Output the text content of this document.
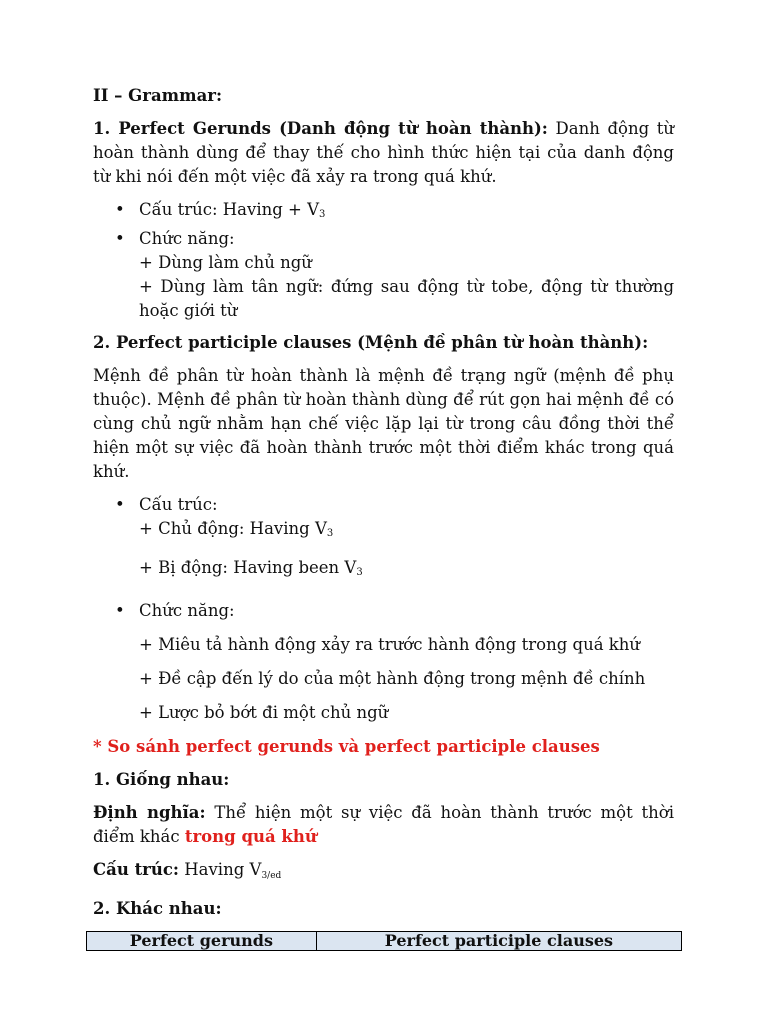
II – Grammar:

1. Perfect Gerunds (Danh động từ hoàn thành): Danh động từ hoàn thành dùng để thay thế cho hình thức hiện tại của danh động từ khi nói đến một việc đã xảy ra trong quá khứ.

• Cấu trúc: Having + $V_3$
• Chức năng:
+ Dùng làm chủ ngữ
+ Dùng làm tân ngữ: đứng sau động từ tobe, động từ thường hoặc giới từ

2. Perfect participle clauses (Mệnh đề phân từ hoàn thành):

Mệnh đề phân từ hoàn thành là mệnh đề trạng ngữ (mệnh đề phụ thuộc). Mệnh đề phân từ hoàn thành dùng để rút gọn hai mệnh đề có cùng chủ ngữ nhằm hạn chế việc lặp lại từ trong câu đồng thời thể hiện một sự việc đã hoàn thành trước một thời điểm khác trong quá khứ.

• Cấu trúc:
+ Chủ động: Having $V_3$
+ Bị động: Having been $V_3$
• Chức năng:
+ Miêu tả hành động xảy ra trước hành động trong quá khứ
+ Đề cập đến lý do của một hành động trong mệnh đề chính
+ Lược bỏ bớt đi một chủ ngữ

* So sánh perfect gerunds và perfect participle clauses

1. Giống nhau:

Định nghĩa: Thể hiện một sự việc đã hoàn thành trước một thời điểm khác trong quá khứ

Cấu trúc: Having $V_{3/ed}$

2. Khác nhau:

Perfect gerunds	Perfect participle clauses
